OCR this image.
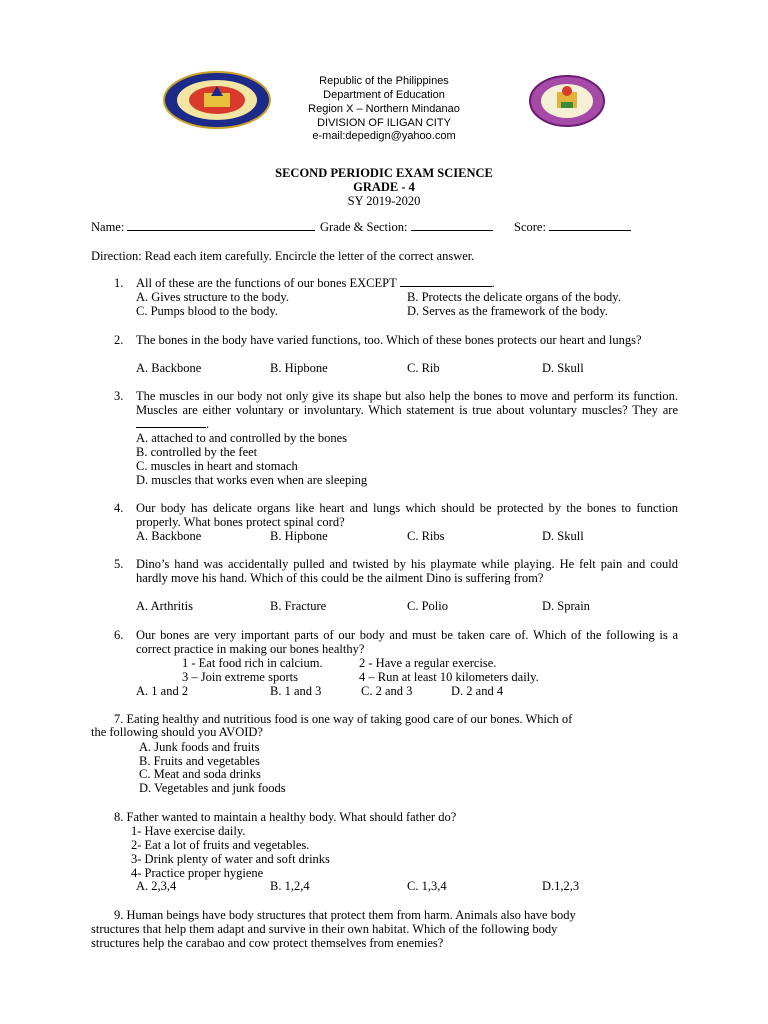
Republic of the Philippines
Department of Education
Region X – Northern Mindanao
DIVISION OF ILIGAN CITY
e-mail:depedign@yahoo.com
SECOND PERIODIC EXAM SCIENCE
GRADE - 4
SY 2019-2020
Name:	Grade & Section:	Score:
Direction: Read each item carefully. Encircle the letter of the correct answer.
1. All of these are the functions of our bones EXCEPT	.
A. Gives structure to the body.	B. Protects the delicate organs of the body.
C. Pumps blood to the body.	D. Serves as the framework of the body.
2. The bones in the body have varied functions, too. Which of these bones protects our heart and lungs?
A. Backbone	B. Hipbone	C. Rib	D. Skull
3. The muscles in our body not only give its shape but also help the bones to move and perform its function. Muscles are either voluntary or involuntary. Which statement is true about voluntary muscles? They are .
A. attached to and controlled by the bones
B. controlled by the feet
C. muscles in heart and stomach
D. muscles that works even when are sleeping
4. Our body has delicate organs like heart and lungs which should be protected by the bones to function properly. What bones protect spinal cord?
A. Backbone	B. Hipbone	C. Ribs	D. Skull
5. Dino’s hand was accidentally pulled and twisted by his playmate while playing. He felt pain and could hardly move his hand. Which of this could be the ailment Dino is suffering from?
A. Arthritis	B. Fracture	C. Polio	D. Sprain
6. Our bones are very important parts of our body and must be taken care of. Which of the following is a correct practice in making our bones healthy?
1 - Eat food rich in calcium.	2 - Have a regular exercise.
3 – Join extreme sports	4 – Run at least 10 kilometers daily.
A. 1 and 2	B. 1 and 3	C. 2 and 3	D. 2 and 4
7. Eating healthy and nutritious food is one way of taking good care of our bones. Which of
the following should you AVOID?
A. Junk foods and fruits
B. Fruits and vegetables
C. Meat and soda drinks
D. Vegetables and junk foods
8. Father wanted to maintain a healthy body. What should father do?
1- Have exercise daily.
2- Eat a lot of fruits and vegetables.
3- Drink plenty of water and soft drinks
4- Practice proper hygiene
A. 2,3,4	B. 1,2,4	C. 1,3,4	D.1,2,3
9. Human beings have body structures that protect them from harm. Animals also have body
structures that help them adapt and survive in their own habitat. Which of the following body
structures help the carabao and cow protect themselves from enemies?
